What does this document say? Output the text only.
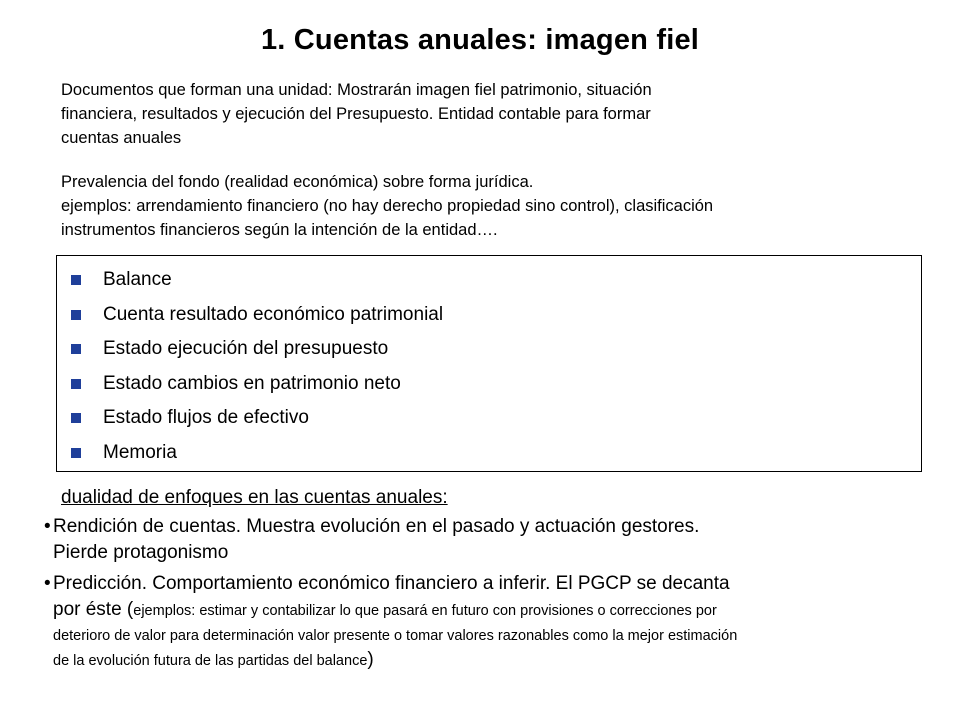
1. Cuentas anuales: imagen fiel
Documentos que forman una unidad: Mostrarán imagen fiel patrimonio, situación
financiera, resultados y ejecución del Presupuesto. Entidad contable para formar
cuentas anuales
Prevalencia del fondo (realidad económica) sobre forma jurídica.
ejemplos: arrendamiento financiero (no hay derecho propiedad sino control), clasificación
instrumentos financieros según la intención de la entidad….
Balance
Cuenta resultado económico patrimonial
Estado ejecución del presupuesto
Estado cambios en patrimonio neto
Estado flujos de efectivo
Memoria
dualidad de enfoques en las cuentas anuales:
• Rendición de cuentas. Muestra evolución en el pasado y actuación gestores.
Pierde protagonismo
• Predicción. Comportamiento económico financiero a inferir. El PGCP se decanta
por éste (ejemplos: estimar y contabilizar lo que pasará en futuro con provisiones o correcciones por
deterioro de valor para determinación valor presente o tomar valores razonables como la mejor estimación
de la evolución futura de las partidas del balance)
